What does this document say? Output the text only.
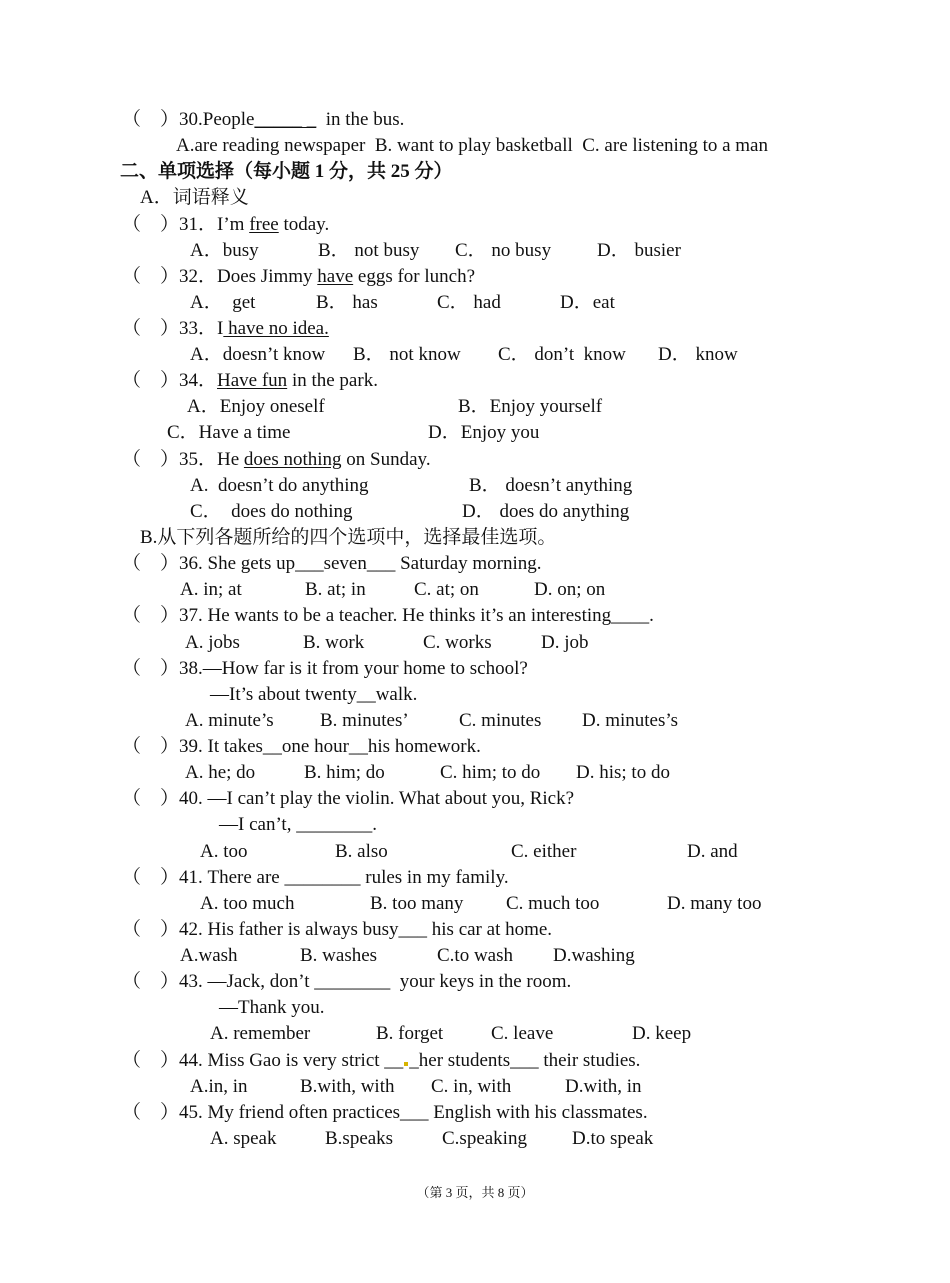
（    ）30.People_____ _  in the bus.
A.are reading newspaper  B. want to play basketball  C. are listening to a man
二、单项选择（每小题 1 分，共 25 分）
A．词语释义
（    ）31．I’m free today.
A．busy	B． not busy C． no busy D． busier
（    ）32．Does Jimmy have eggs for lunch?
A．  get	B． has	C． had	D．eat
（    ）33．I have no idea.
A．doesn’t know B． not know C． don’t  know D． know
（    ）34．Have fun in the park.
A．Enjoy oneself	B．Enjoy yourself
C．Have a time	D．Enjoy you
（    ）35．He does nothing on Sunday.
A.  doesn’t do anything	B． doesn’t anything
C．  does do nothing	D． does do anything
B.从下列各题所给的四个选项中，选择最佳选项。
（    ）36. She gets up___seven___ Saturday morning.
A. in; at	B. at; in	C. at; on	D. on; on
（    ）37. He wants to be a teacher. He thinks it’s an interesting____.
A. jobs	B. work	C. works	D. job
（    ）38.—How far is it from your home to school?
—It’s about twenty__walk.
A. minute’s B. minutes’	C. minutes D. minutes’s
（    ）39. It takes__one hour__his homework.
A. he; do	B. him; do	C. him; to do D. his; to do
（    ）40. —I can’t play the violin. What about you, Rick?
—I can’t, ________.
A. too	B. also	C. either	D. and
（    ）41. There are ________ rules in my family.
A. too much	B. too many C. much too	D. many too
（    ）42. His father is always busy___ his car at home.
A.wash	B. washes	C.to wash D.washing
（    ）43. —Jack, don’t ________  your keys in the room.
—Thank you.
A. remember	B. forget	C. leave	D. keep
（    ）44. Miss Gao is very strict __ _her students___ their studies.
A.in, in	B.with, with C. in, with	D.with, in
（    ）45. My friend often practices___ English with his classmates.
A. speak	B.speaks	C.speaking D.to speak
（第 3 页，共 8 页）
